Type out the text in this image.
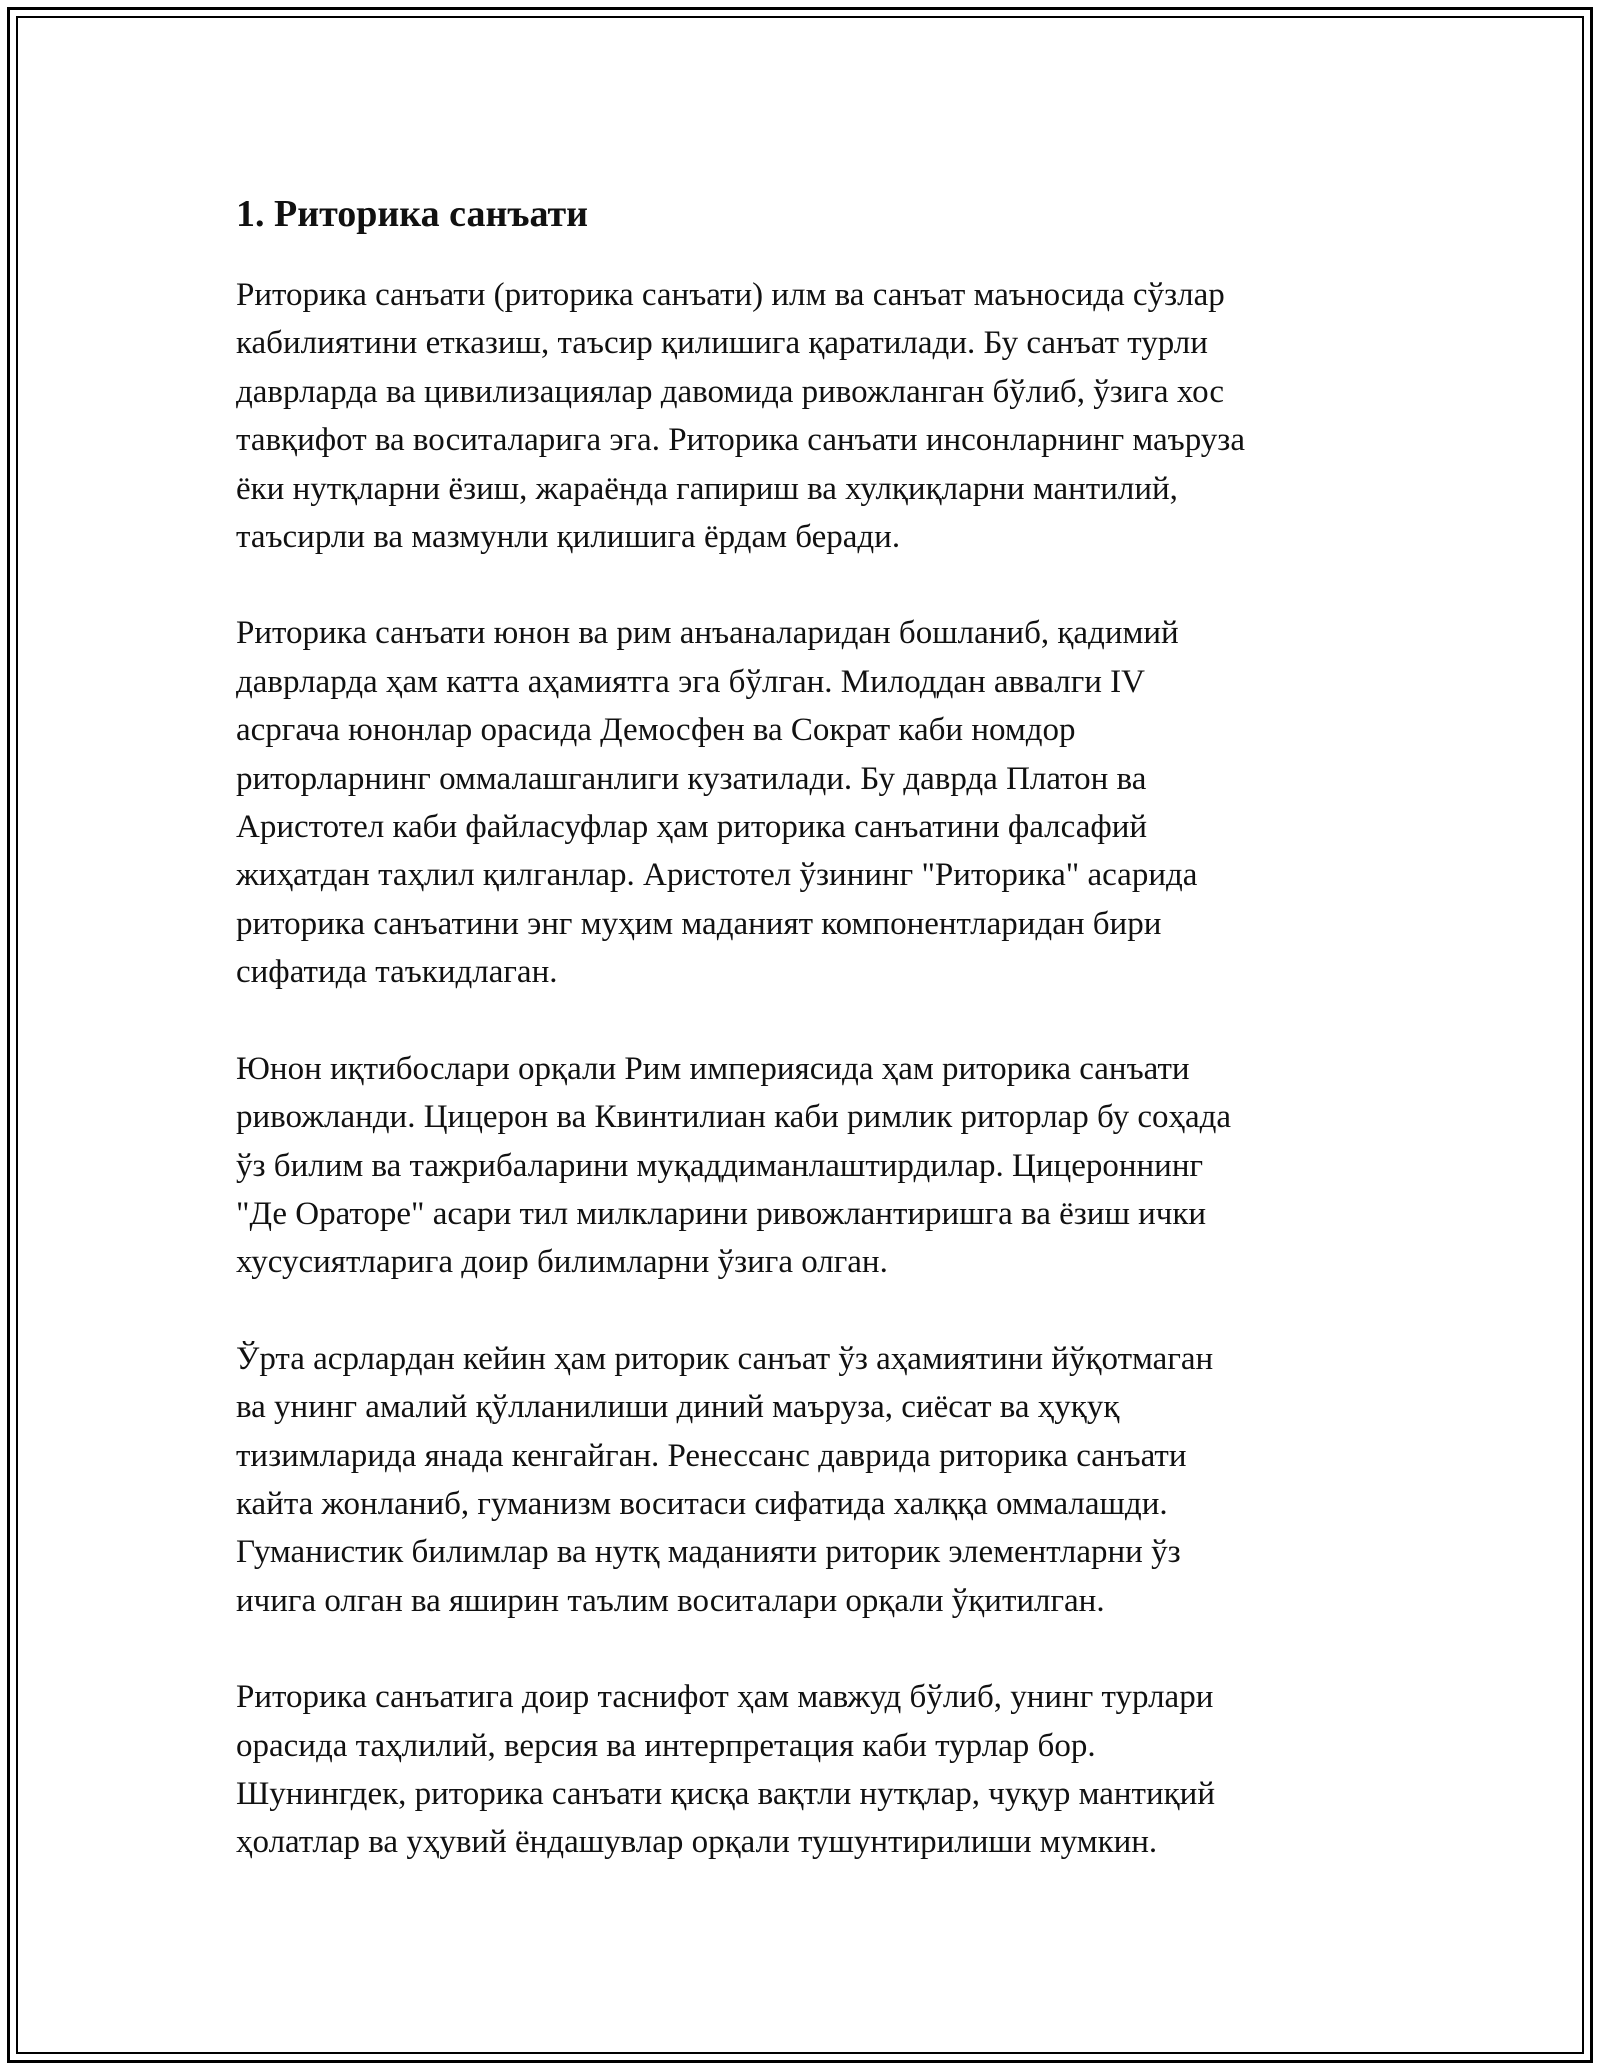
1. Риторика санъати

Риторика санъати (риторика санъати) илм ва санъат маъносида сўзлар
кабилиятини етказиш, таъсир қилишига қаратилади. Бу санъат турли
даврларда ва цивилизациялар давомида ривожланган бўлиб, ўзига хос
тавқифот ва воситаларига эга. Риторика санъати инсонларнинг маъруза
ёки нутқларни ёзиш, жараёнда гапириш ва хулқиқларни мантилий,
таъсирли ва мазмунли қилишига ёрдам беради.

Риторика санъати юнон ва рим анъаналаридан бошланиб, қадимий
даврларда ҳам катта аҳамиятга эга бўлган. Милоддан аввалги IV
асргача юнонлар орасида Демосфен ва Сократ каби номдор
риторларнинг оммалашганлиги кузатилади. Бу даврда Платон ва
Аристотел каби файласуфлар ҳам риторика санъатини фалсафий
жиҳатдан таҳлил қилганлар. Аристотел ўзининг "Риторика" асарида
риторика санъатини энг муҳим маданият компонентларидан бири
сифатида таъкидлаган.

Юнон иқтибослари орқали Рим империясида ҳам риторика санъати
ривожланди. Цицерон ва Квинтилиан каби римлик риторлар бу соҳада
ўз билим ва тажрибаларини муқаддиманлаштирдилар. Цицероннинг
"Де Ораторе" асари тил милкларини ривожлантиришга ва ёзиш ички
хусусиятларига доир билимларни ўзига олган.

Ўрта асрлардан кейин ҳам риторик санъат ўз аҳамиятини йўқотмаган
ва унинг амалий қўлланилиши диний маъруза, сиёсат ва ҳуқуқ
тизимларида янада кенгайган. Ренессанс даврида риторика санъати
кайта жонланиб, гуманизм воситаси сифатида халққа оммалашди.
Гуманистик билимлар ва нутқ маданияти риторик элементларни ўз
ичига олган ва яширин таълим воситалари орқали ўқитилган.

Риторика санъатига доир таснифот ҳам мавжуд бўлиб, унинг турлари
орасида таҳлилий, версия ва интерпретация каби турлар бор.
Шунингдек, риторика санъати қисқа вақтли нутқлар, чуқур мантиқий
ҳолатлар ва уҳувий ёндашувлар орқали тушунтирилиши мумкин.
